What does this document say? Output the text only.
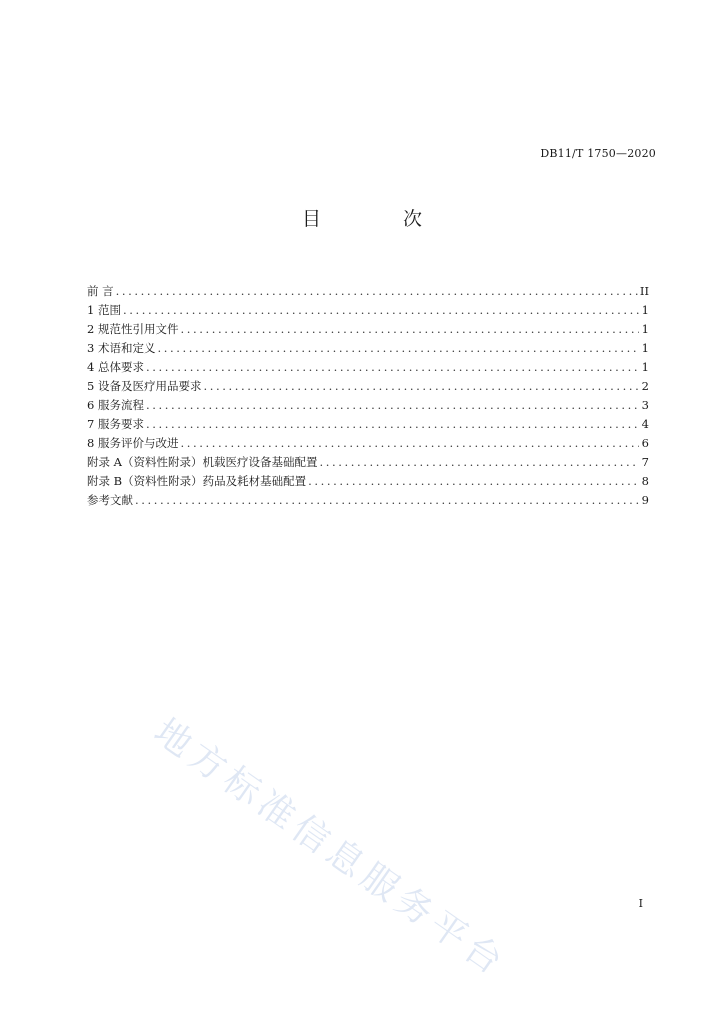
DB11/T 1750—2020
目 次
前 言 .....	II
1 范围 .....	1
2 规范性引用文件 .....	1
3 术语和定义 .....	1
4 总体要求 .....	1
5 设备及医疗用品要求 .....	2
6 服务流程 .....	3
7 服务要求 .....	4
8 服务评价与改进 .....	6
附录 A（资料性附录）机载医疗设备基础配置 .....	7
附录 B（资料性附录）药品及耗材基础配置 .....	8
参考文献 .....	9
地方标准信息服务平台	I
